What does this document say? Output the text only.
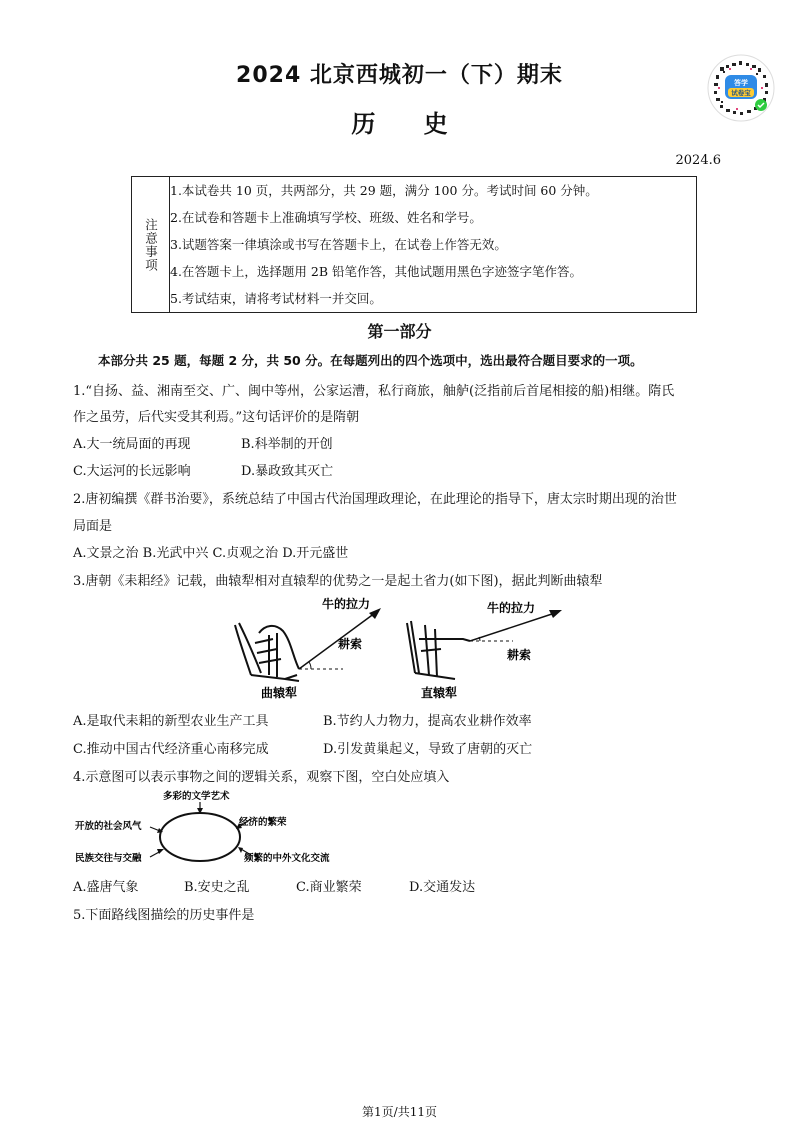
2024 北京西城初一（下）期末
历 史
2024.6
答学
试卷宝
注意事项
1.本试卷共 10 页，共两部分，共 29 题，满分 100 分。考试时间 60 分钟。
2.在试卷和答题卡上准确填写学校、班级、姓名和学号。
3.试题答案一律填涂或书写在答题卡上，在试卷上作答无效。
4.在答题卡上，选择题用 2B 铅笔作答，其他试题用黑色字迹签字笔作答。
5.考试结束，请将考试材料一并交回。
第一部分
本部分共 25 题，每题 2 分，共 50 分。在每题列出的四个选项中，选出最符合题目要求的一项。
1.“自扬、益、湘南至交、广、闽中等州，公家运漕，私行商旅，舳舻(泛指前后首尾相接的船)相继。隋氏
作之虽劳，后代实受其利焉。”这句话评价的是隋朝
A.大一统局面的再现	B.科举制的开创
C.大运河的长远影响	D.暴政致其灭亡
2.唐初编撰《群书治要》，系统总结了中国古代治国理政理论，在此理论的指导下，唐太宗时期出现的治世
局面是
A.文景之治 B.光武中兴 C.贞观之治 D.开元盛世
3.唐朝《耒耜经》记载，曲辕犁相对直辕犁的优势之一是起土省力(如下图)，据此判断曲辕犁
牛的拉力
耕索
曲辕犁
牛的拉力
耕索
直辕犁
A.是取代耒耜的新型农业生产工具	B.节约人力物力，提高农业耕作效率
C.推动中国古代经济重心南移完成	D.引发黄巢起义，导致了唐朝的灭亡
4.示意图可以表示事物之间的逻辑关系，观察下图，空白处应填入
多彩的文学艺术
开放的社会风气
民族交往与交融
经济的繁荣
频繁的中外文化交流
A.盛唐气象	B.安史之乱	C.商业繁荣	D.交通发达
5.下面路线图描绘的历史事件是
第1页/共11页
